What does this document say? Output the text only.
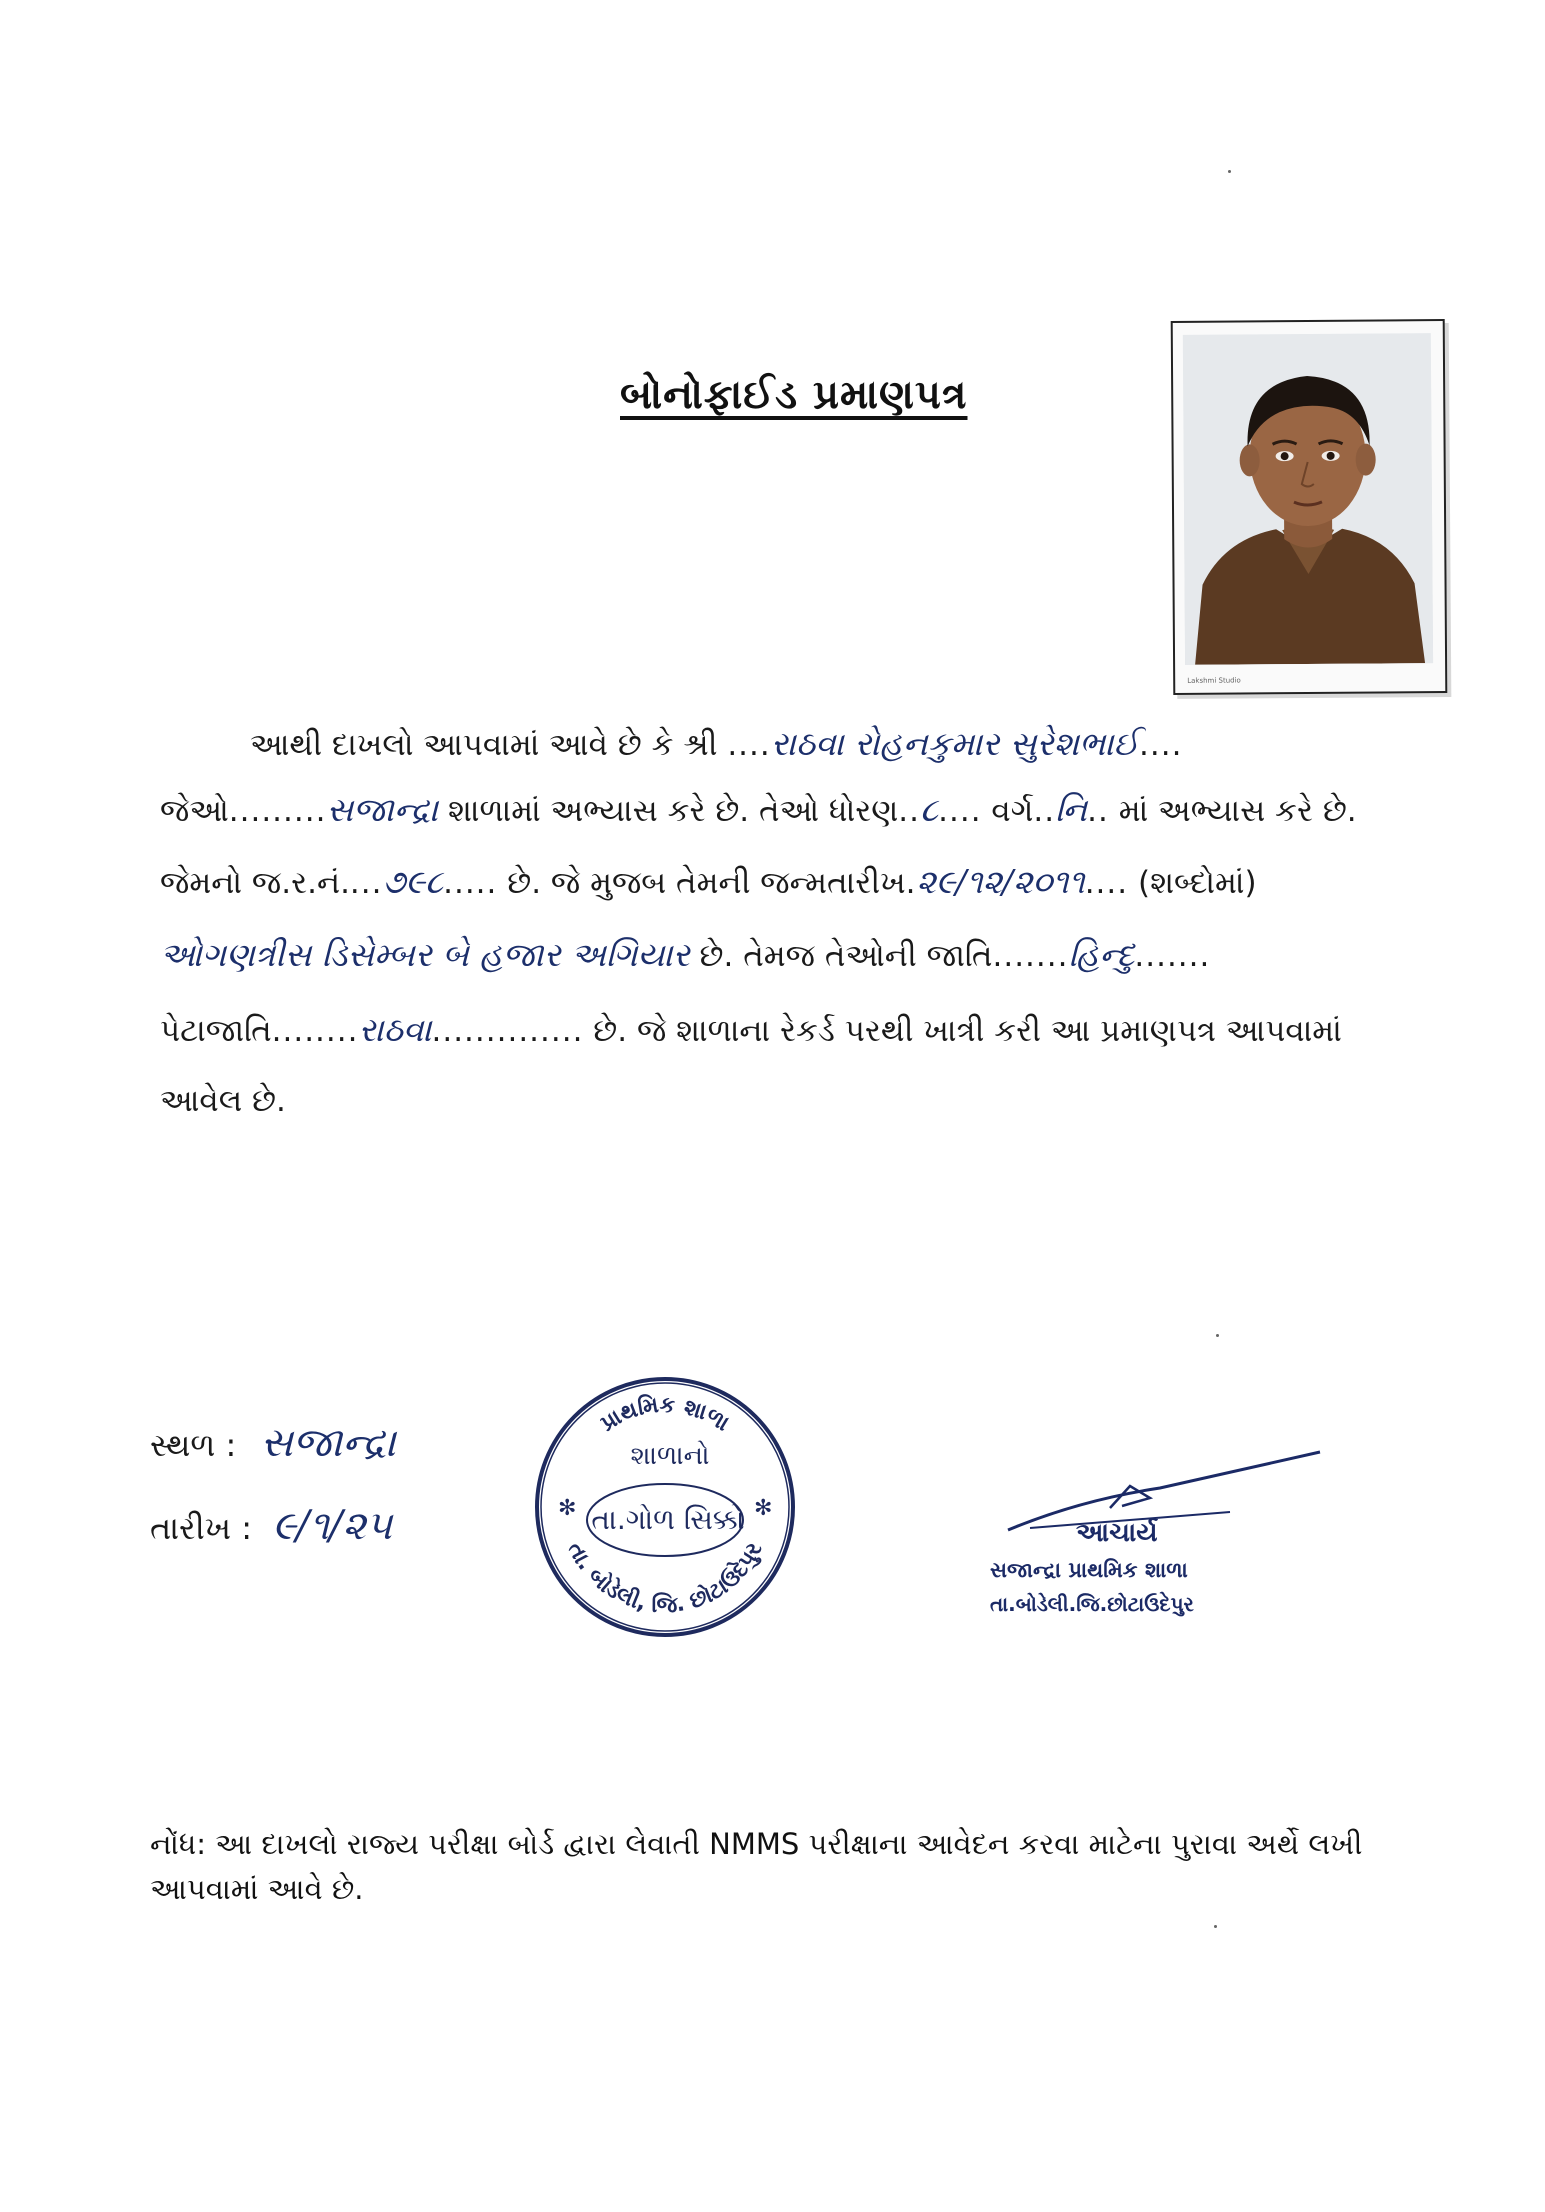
બોનોફાઈડ પ્રમાણપત્ર
Lakshmi Studio
આથી દાખલો આપવામાં આવે છે કે શ્રી ....રાઠવા રોહનકુમાર સુરેશભાઈ....
જેઓ.........સજાન્દ્રા શાળામાં અભ્યાસ કરે છે. તેઓ ધોરણ..૮.... વર્ગ..નિ.. માં અભ્યાસ કરે છે.
જેમનો જ.ર.નં....૭૯૮..... છે. જે મુજબ તેમની જન્મતારીખ.૨૯/૧૨/૨૦૧૧.... (શબ્દોમાં)
ઓગણત્રીસ ડિસેમ્બર બે હજાર અગિયાર છે. તેમજ તેઓની જાતિ.......હિન્દુ.......
પેટાજાતિ........રાઠવા.............. છે. જે શાળાના રેકર્ડ પરથી ખાત્રી કરી આ પ્રમાણપત્ર આપવામાં
આવેલ છે.
સ્થળ : સજાન્દ્રા
તારીખ : ૯/૧/૨૫
પ્રાથમિક શાળા
તા. બોડેલી, જિ. છોટાઉદેપુર
શાળાનો
તા.ગોળ સિક્કો
✻	✻
આચાર્ય
સજાન્દ્રા પ્રાથમિક શાળા
તા.બોડેલી.જિ.છોટાઉદેપુર
નોંધ: આ દાખલો રાજ્ય પરીક્ષા બોર્ડ દ્વારા લેવાતી NMMS પરીક્ષાના આવેદન કરવા માટેના પુરાવા અર્થે લખી આપવામાં આવે છે.
